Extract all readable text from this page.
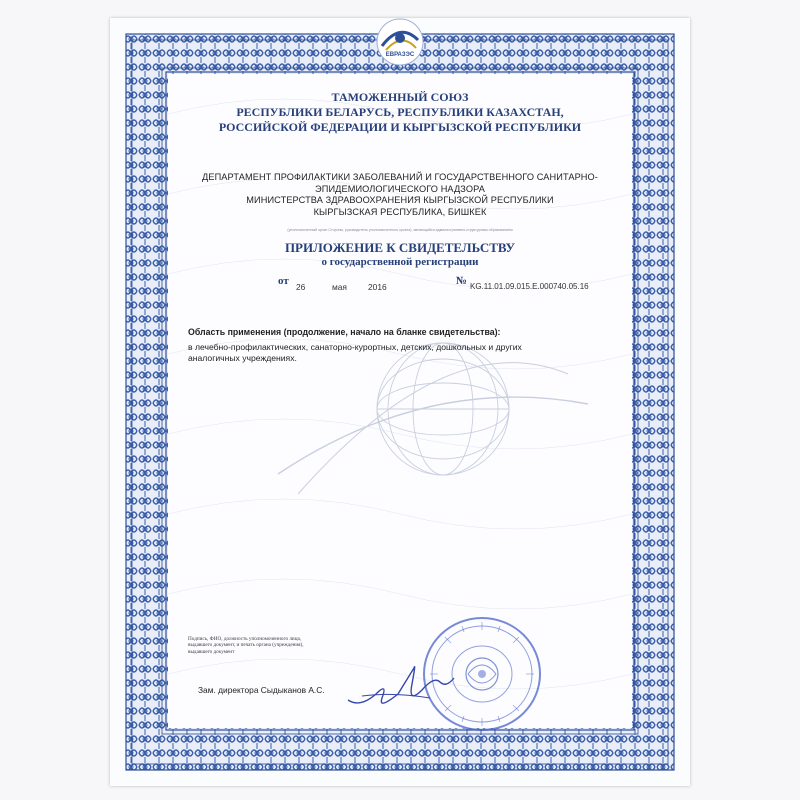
ЕВРАЗЭС
ТАМОЖЕННЫЙ СОЮЗ
РЕСПУБЛИКИ БЕЛАРУСЬ, РЕСПУБЛИКИ КАЗАХСТАН,
РОССИЙСКОЙ ФЕДЕРАЦИИ И КЫРГЫЗСКОЙ РЕСПУБЛИКИ
ДЕПАРТАМЕНТ ПРОФИЛАКТИКИ ЗАБОЛЕВАНИЙ И ГОСУДАРСТВЕННОГО САНИТАРНО-
ЭПИДЕМИОЛОГИЧЕСКОГО НАДЗОРА
МИНИСТЕРСТВА ЗДРАВООХРАНЕНИЯ КЫРГЫЗСКОЙ РЕСПУБЛИКИ
КЫРГЫЗСКАЯ РЕСПУБЛИКА, БИШКЕК
(уполномоченный орган Стороны, руководитель уполномоченного органа), являющийся административно-структурным образованием
ПРИЛОЖЕНИЕ К СВИДЕТЕЛЬСТВУ
о государственной регистрации
от 26	мая	2016	№ KG.11.01.09.015.E.000740.05.16
Область применения (продолжение, начало на бланке свидетельства):
в лечебно-профилактических, санаторно-курортных, детских, дошкольных и других
аналогичных учреждениях.
Подпись, ФИО, должность уполномоченного лица,
выдавшего документ, и печать органа (учреждения),
выдавшего документ
Зам. директора Сыдыканов А.С.
